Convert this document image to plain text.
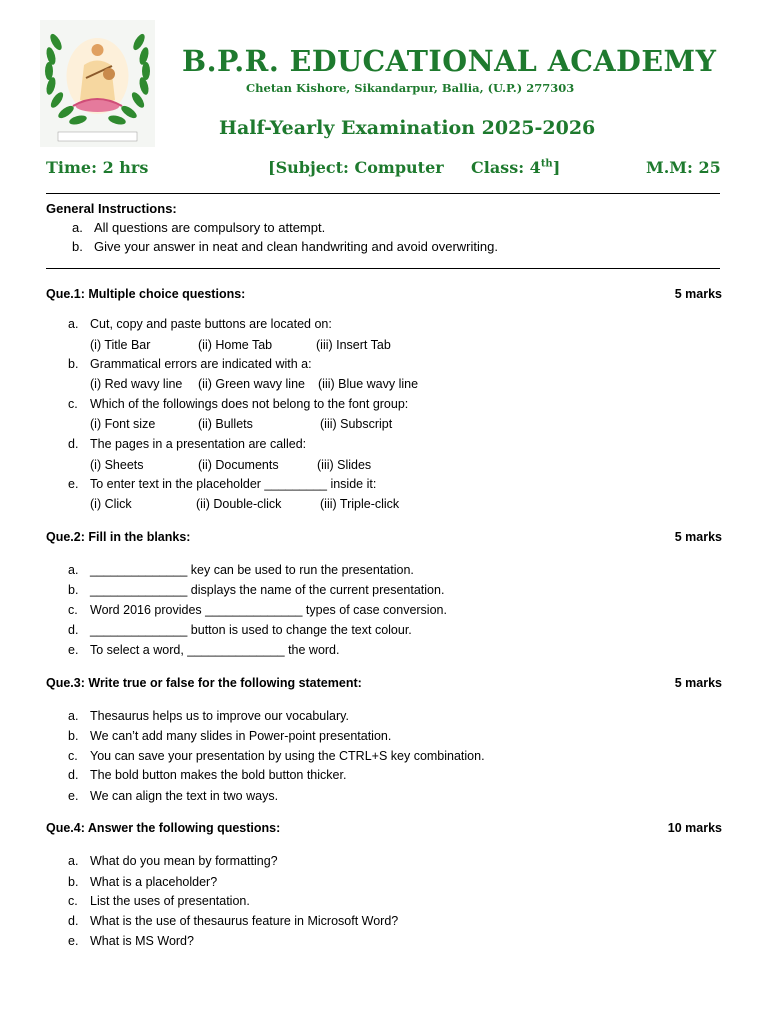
B.P.R. EDUCATIONAL ACADEMY
Chetan Kishore, Sikandarpur, Ballia, (U.P.) 277303
Half-Yearly Examination 2025-2026
Time: 2 hrs	[Subject: Computer Class: 4th]	M.M: 25
General Instructions:
a. All questions are compulsory to attempt.
b. Give your answer in neat and clean handwriting and avoid overwriting.
Que.1: Multiple choice questions:	5 marks
a. Cut, copy and paste buttons are located on:
(i) Title Bar	(ii) Home Tab	(iii) Insert Tab
b. Grammatical errors are indicated with a:
(i) Red wavy line (ii) Green wavy line (iii) Blue wavy line
c. Which of the followings does not belong to the font group:
(i) Font size	(ii) Bullets	(iii) Subscript
d. The pages in a presentation are called:
(i) Sheets	(ii) Documents	(iii) Slides
e. To enter text in the placeholder _________ inside it:
(i) Click	(ii) Double-click	(iii) Triple-click
Que.2: Fill in the blanks:	5 marks
a. ______________ key can be used to run the presentation.
b. ______________ displays the name of the current presentation.
c. Word 2016 provides ______________ types of case conversion.
d. ______________ button is used to change the text colour.
e. To select a word, ______________ the word.
Que.3: Write true or false for the following statement:	5 marks
a. Thesaurus helps us to improve our vocabulary.
b. We can’t add many slides in Power-point presentation.
c. You can save your presentation by using the CTRL+S key combination.
d. The bold button makes the bold button thicker.
e. We can align the text in two ways.
Que.4: Answer the following questions:	10 marks
a. What do you mean by formatting?
b. What is a placeholder?
c. List the uses of presentation.
d. What is the use of thesaurus feature in Microsoft Word?
e. What is MS Word?
